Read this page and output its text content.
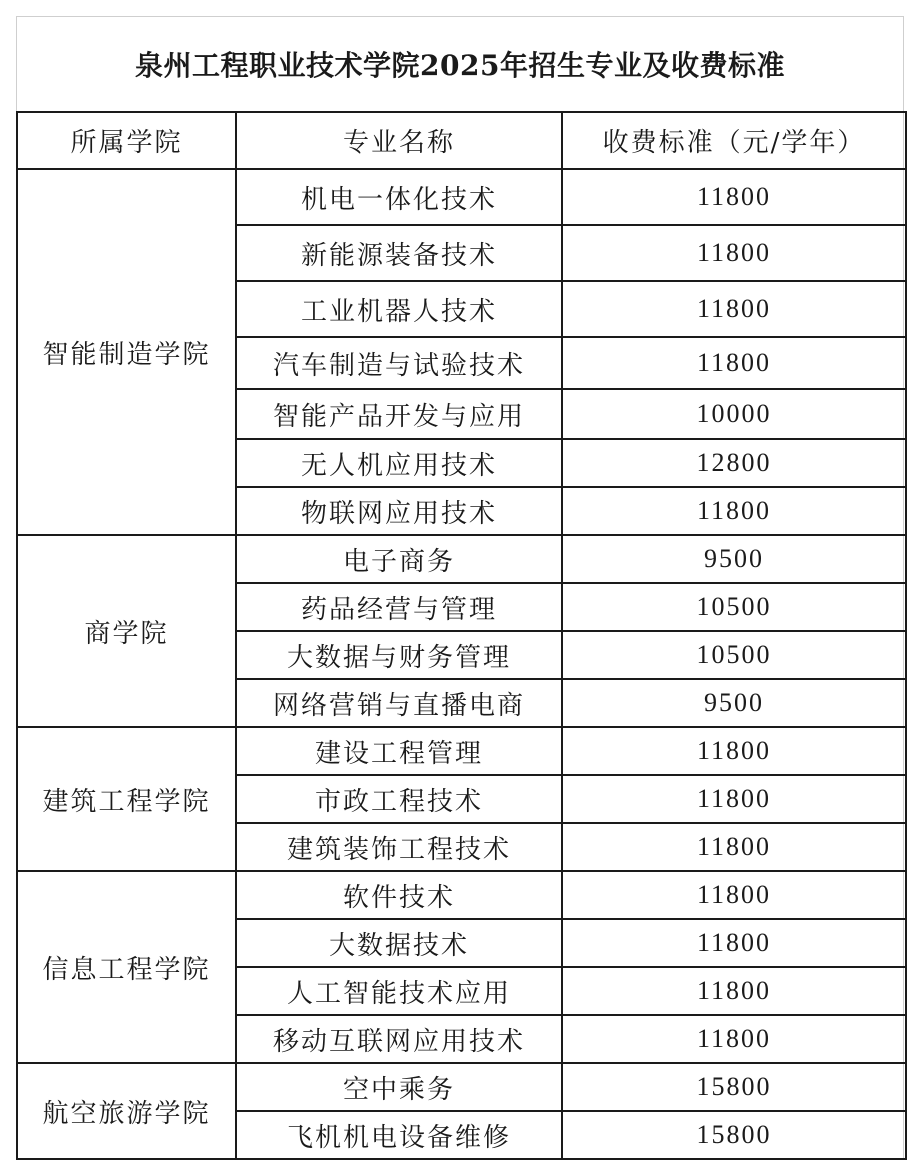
泉州工程职业技术学院2025年招生专业及收费标准
所属学院	专业名称	收费标准（元/学年）
智能制造学院	机电一体化技术	11800
	新能源装备技术	11800
	工业机器人技术	11800
	汽车制造与试验技术	11800
	智能产品开发与应用	10000
	无人机应用技术	12800
	物联网应用技术	11800
商学院	电子商务	9500
	药品经营与管理	10500
	大数据与财务管理	10500
	网络营销与直播电商	9500
建筑工程学院	建设工程管理	11800
	市政工程技术	11800
	建筑装饰工程技术	11800
信息工程学院	软件技术	11800
	大数据技术	11800
	人工智能技术应用	11800
	移动互联网应用技术	11800
航空旅游学院	空中乘务	15800
	飞机机电设备维修	15800
